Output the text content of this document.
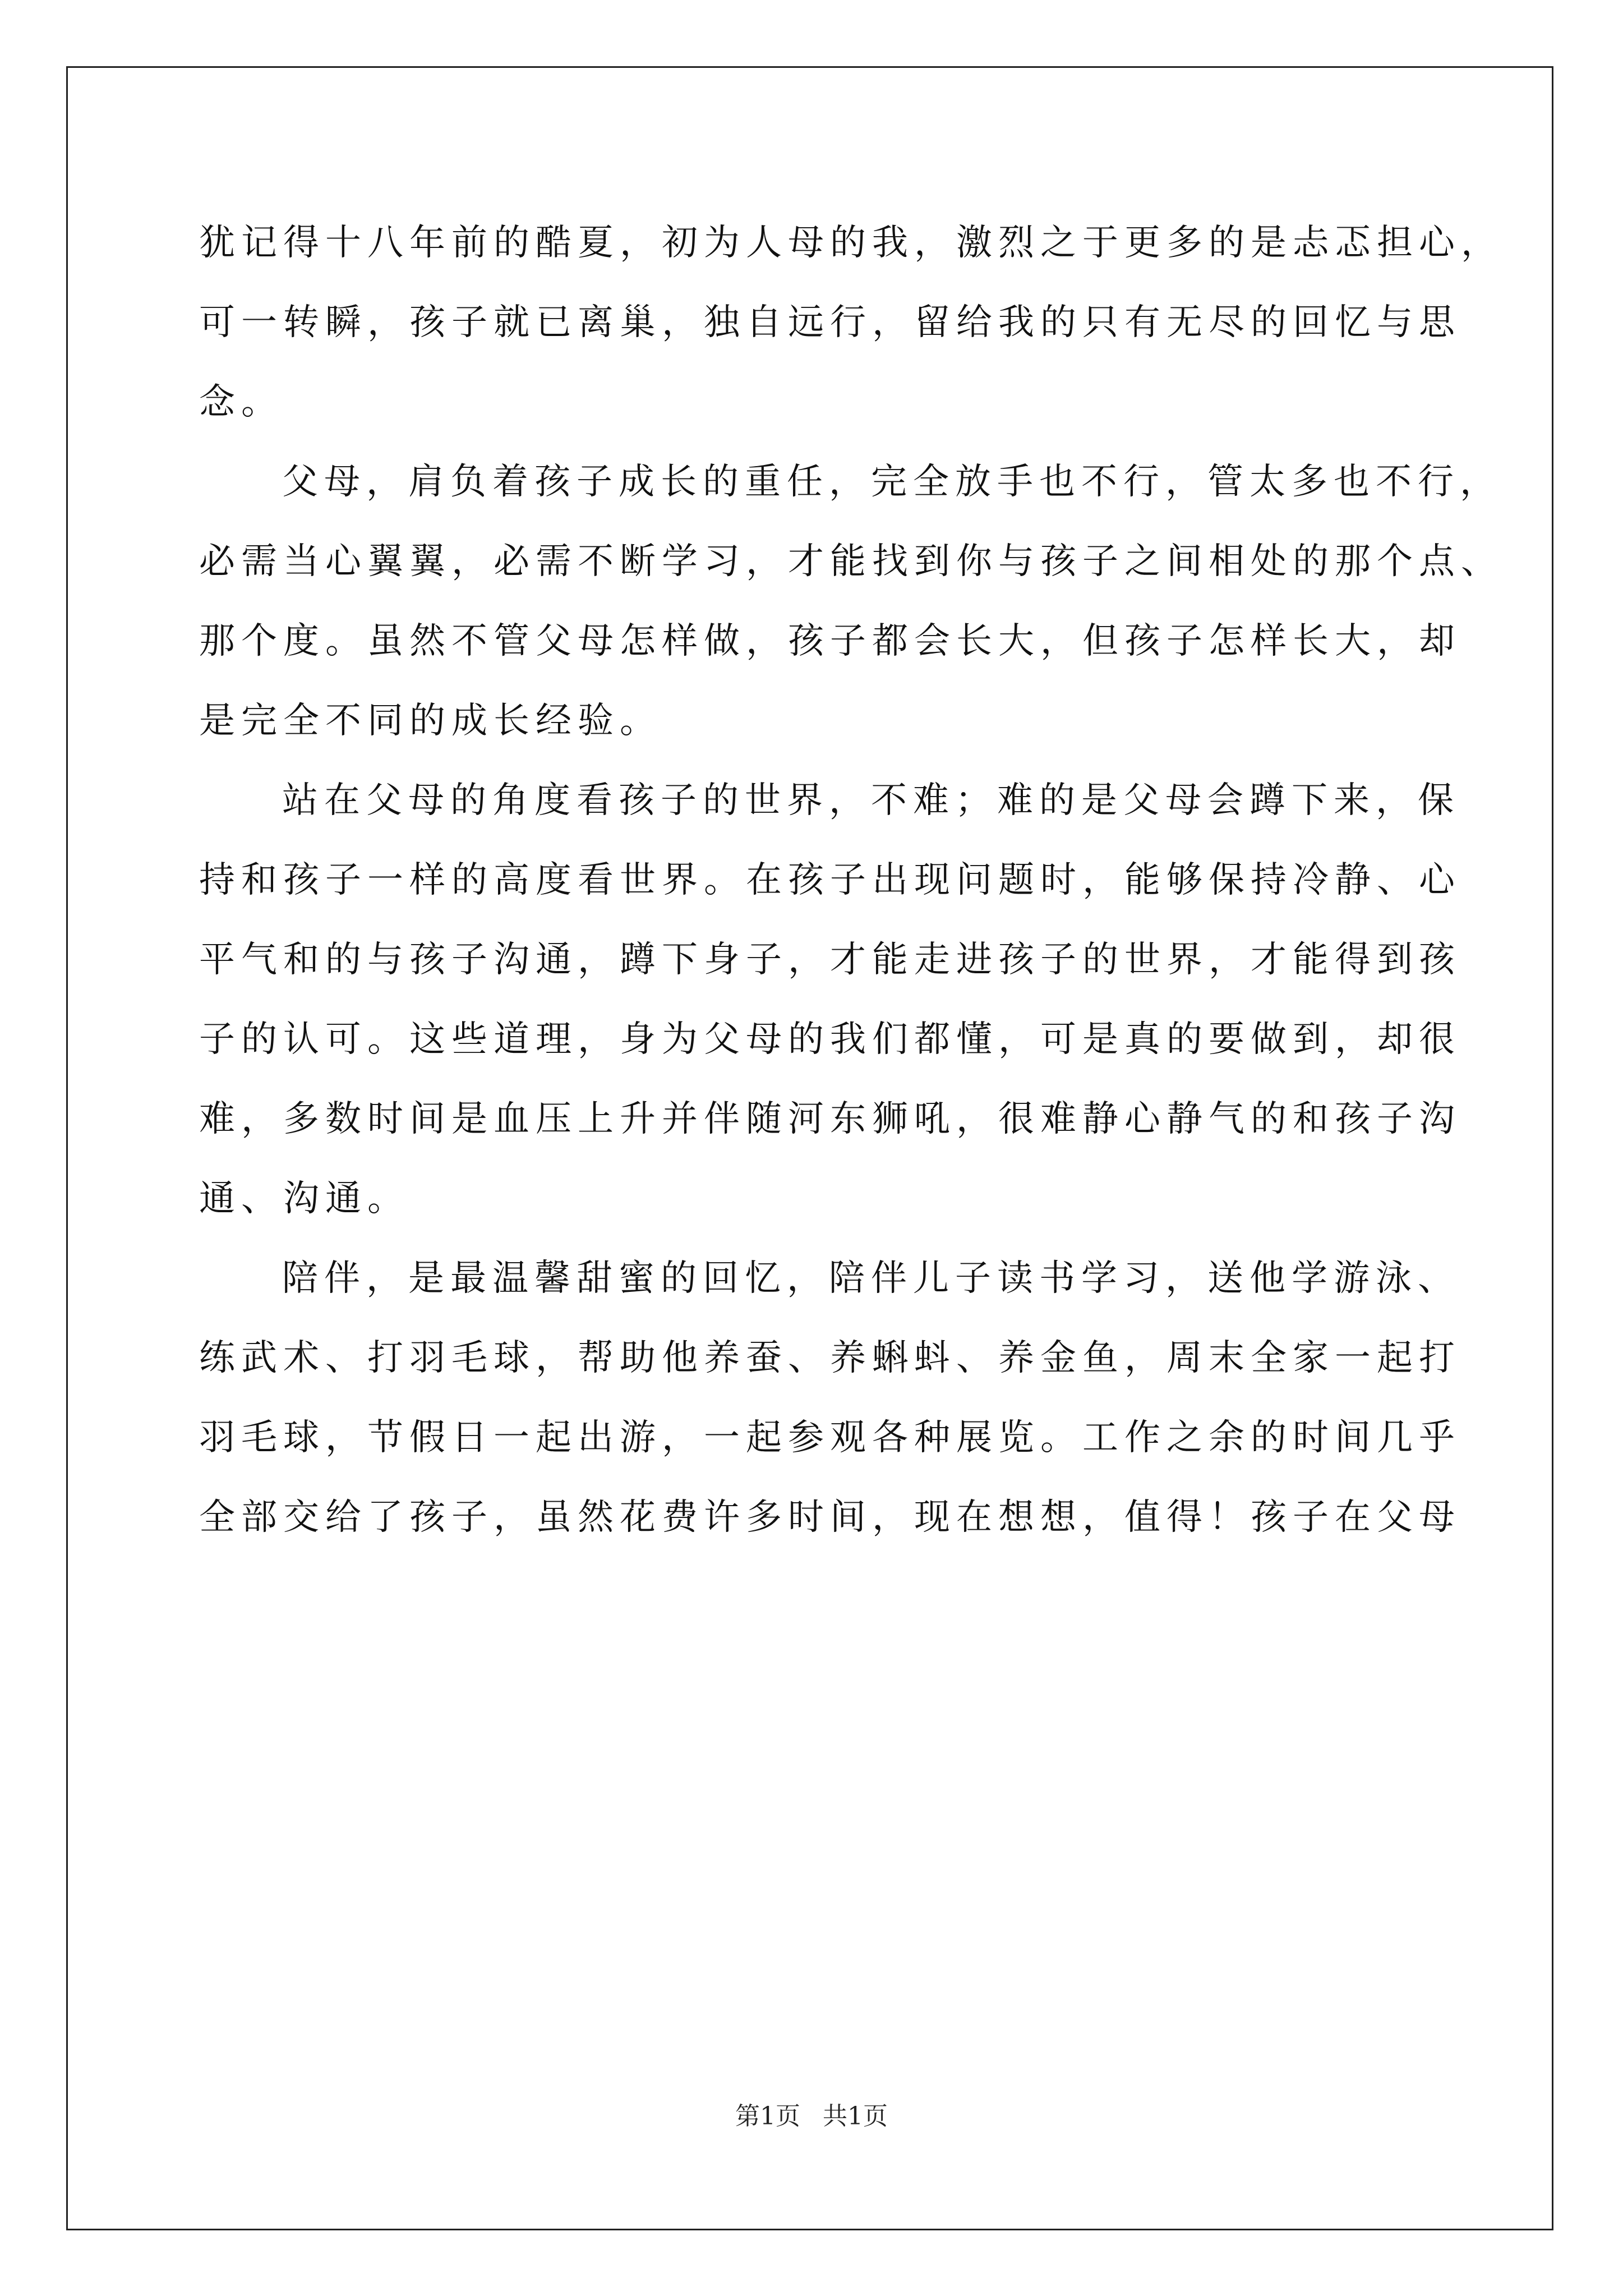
犹记得十八年前的酷夏，初为人母的我，激烈之于更多的是忐忑担心，
可一转瞬，孩子就已离巢，独自远行，留给我的只有无尽的回忆与思
念。
父母，肩负着孩子成长的重任，完全放手也不行，管太多也不行，
必需当心翼翼，必需不断学习，才能找到你与孩子之间相处的那个点、
那个度。虽然不管父母怎样做，孩子都会长大，但孩子怎样长大，却
是完全不同的成长经验。
站在父母的角度看孩子的世界，不难；难的是父母会蹲下来，保
持和孩子一样的高度看世界。在孩子出现问题时，能够保持冷静、心
平气和的与孩子沟通，蹲下身子，才能走进孩子的世界，才能得到孩
子的认可。这些道理，身为父母的我们都懂，可是真的要做到，却很
难，多数时间是血压上升并伴随河东狮吼，很难静心静气的和孩子沟
通、沟通。
陪伴，是最温馨甜蜜的回忆，陪伴儿子读书学习，送他学游泳、
练武术、打羽毛球，帮助他养蚕、养蝌蚪、养金鱼，周末全家一起打
羽毛球，节假日一起出游，一起参观各种展览。工作之余的时间几乎
全部交给了孩子，虽然花费许多时间，现在想想，值得！孩子在父母
第1页 共1页
